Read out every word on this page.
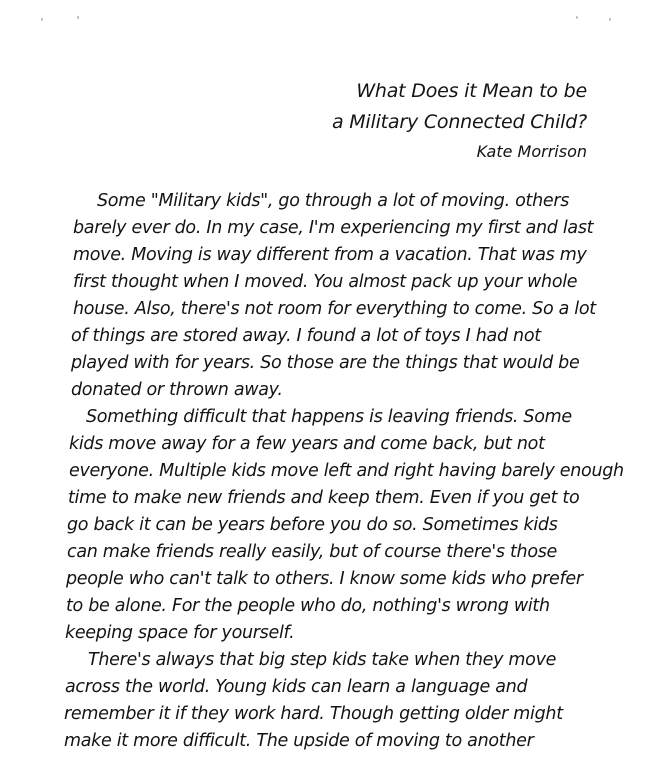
What Does it Mean to be
a Military Connected Child?
Kate Morrison
Some "Military kids", go through a lot of moving. others
barely ever do. In my case, I'm experiencing my first and last
move. Moving is way different from a vacation. That was my
first thought when I moved. You almost pack up your whole
house. Also, there's not room for everything to come. So a lot
of things are stored away. I found a lot of toys I had not
played with for years. So those are the things that would be
donated or thrown away.
Something difficult that happens is leaving friends. Some
kids move away for a few years and come back, but not
everyone. Multiple kids move left and right having barely enough
time to make new friends and keep them. Even if you get to
go back it can be years before you do so. Sometimes kids
can make friends really easily, but of course there's those
people who can't talk to others. I know some kids who prefer
to be alone. For the people who do, nothing's wrong with
keeping space for yourself.
There's always that big step kids take when they move
across the world. Young kids can learn a language and
remember it if they work hard. Though getting older might
make it more difficult. The upside of moving to another
